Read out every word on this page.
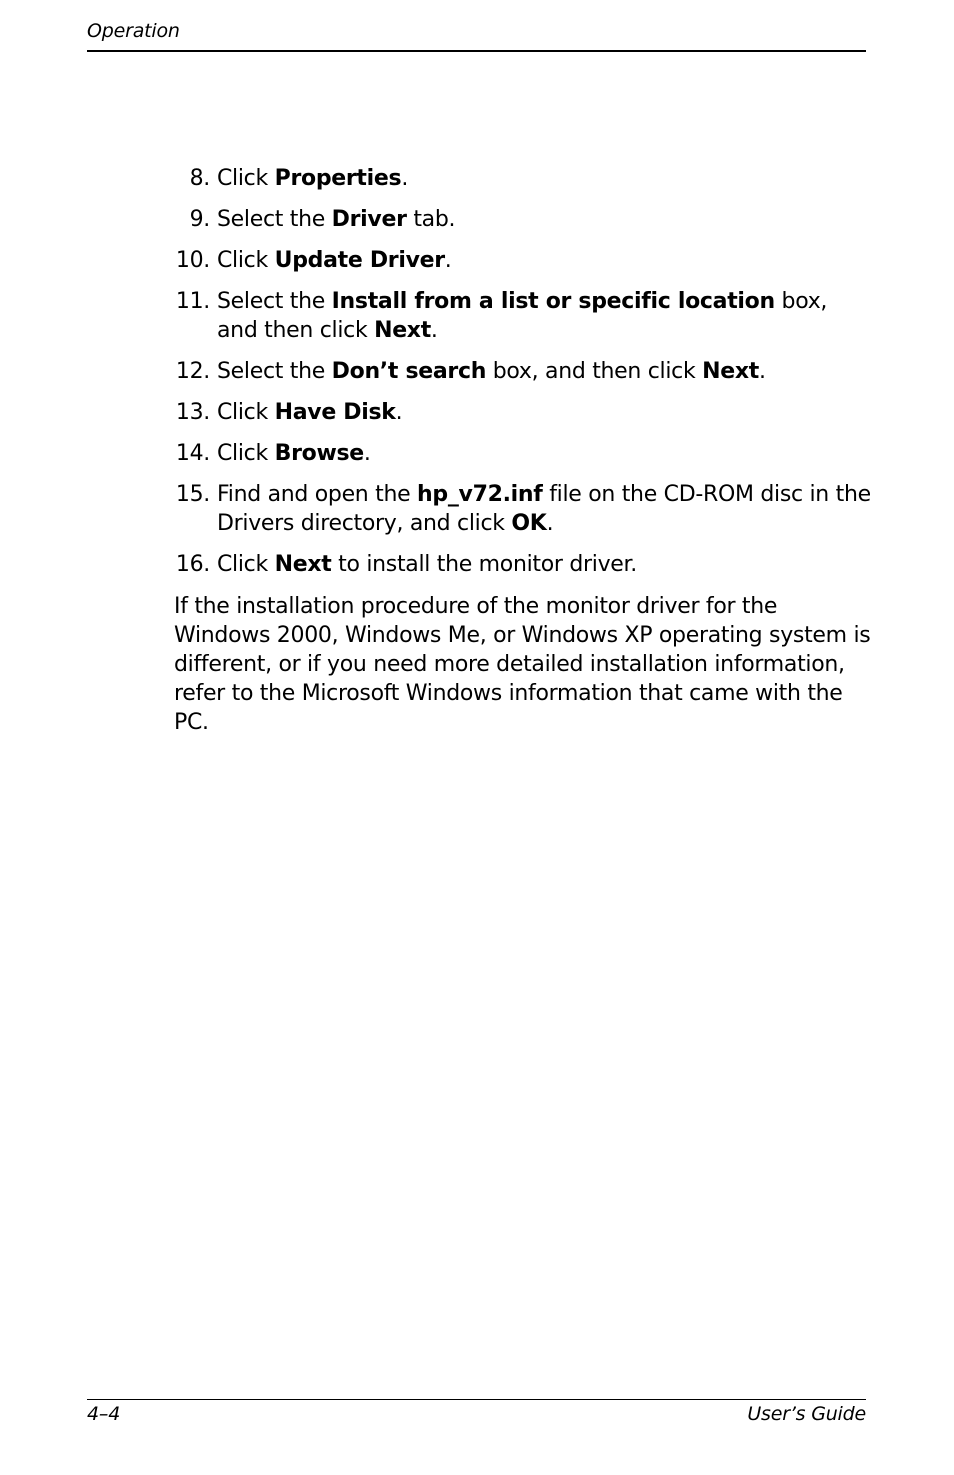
Operation
8. Click Properties.
9. Select the Driver tab.
10. Click Update Driver.
11. Select the Install from a list or specific location box, and then click Next.
12. Select the Don’t search box, and then click Next.
13. Click Have Disk.
14. Click Browse.
15. Find and open the hp_v72.inf file on the CD-ROM disc in the Drivers directory, and click OK.
16. Click Next to install the monitor driver.

If the installation procedure of the monitor driver for the Windows 2000, Windows Me, or Windows XP operating system is different, or if you need more detailed installation information, refer to the Microsoft Windows information that came with the PC.

4–4	User’s Guide
